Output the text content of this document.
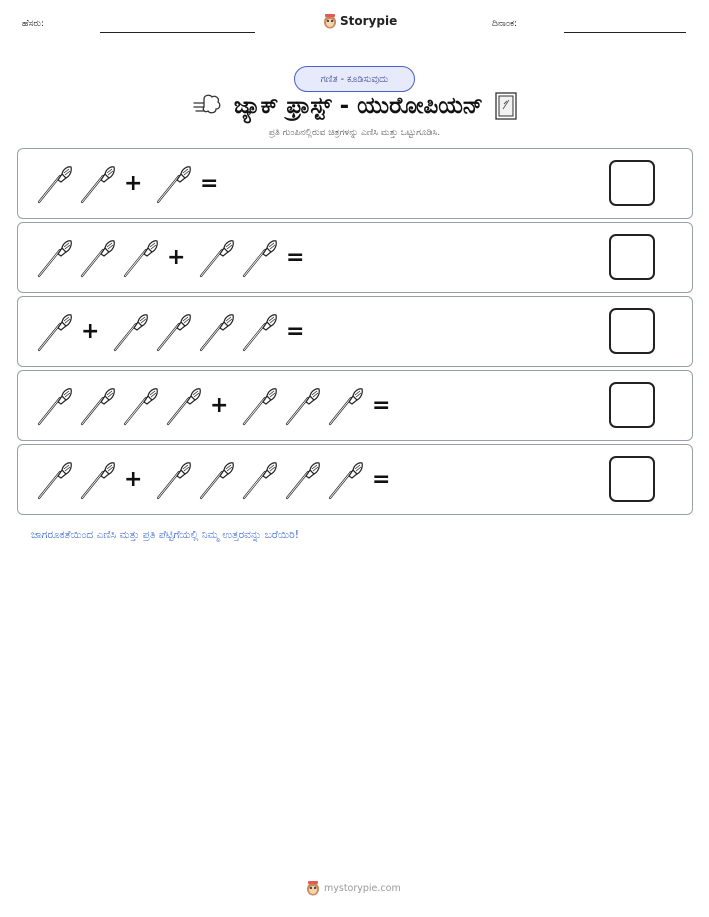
ಹೆಸರು:	Storypie	ದಿನಾಂಕ:
ಗಣಿತ - ಕೂಡಿಸುವುದು
ಜ್ಯಾಕ್ ಫ್ರಾಸ್ಟ್ - ಯುರೋಪಿಯನ್
ಪ್ರತಿ ಗುಂಪಿನಲ್ಲಿರುವ ಚಿತ್ರಗಳನ್ನು ಎಣಿಸಿ ಮತ್ತು ಒಟ್ಟುಗೂಡಿಸಿ.
+	=
+	=
+	=
+	=
+	=
ಜಾಗರೂಕತೆಯಿಂದ ಎಣಿಸಿ ಮತ್ತು ಪ್ರತಿ ಪೆಟ್ಟಿಗೆಯಲ್ಲಿ ನಿಮ್ಮ ಉತ್ತರವನ್ನು ಬರೆಯಿರಿ!
mystorypie.com
